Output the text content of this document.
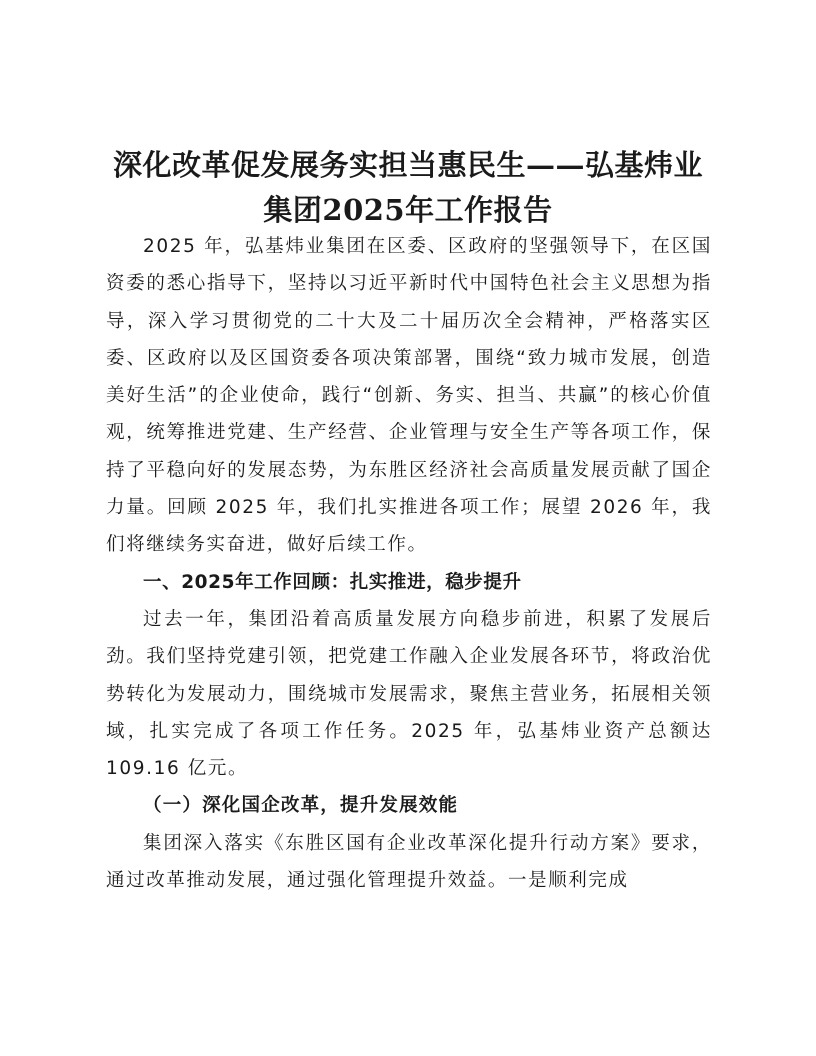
深化改革促发展务实担当惠民生——弘基炜业
集团2025年工作报告

2025 年，弘基炜业集团在区委、区政府的坚强领导下，在区国资委的悉心指导下，坚持以习近平新时代中国特色社会主义思想为指导，深入学习贯彻党的二十大及二十届历次全会精神，严格落实区委、区政府以及区国资委各项决策部署，围绕“致力城市发展，创造美好生活”的企业使命，践行“创新、务实、担当、共赢”的核心价值观，统筹推进党建、生产经营、企业管理与安全生产等各项工作，保持了平稳向好的发展态势，为东胜区经济社会高质量发展贡献了国企力量。回顾 2025 年，我们扎实推进各项工作；展望 2026 年，我们将继续务实奋进，做好后续工作。

一、2025年工作回顾：扎实推进，稳步提升

过去一年，集团沿着高质量发展方向稳步前进，积累了发展后劲。我们坚持党建引领，把党建工作融入企业发展各环节，将政治优势转化为发展动力，围绕城市发展需求，聚焦主营业务，拓展相关领域，扎实完成了各项工作任务。2025 年，弘基炜业资产总额达 109.16 亿元。

（一）深化国企改革，提升发展效能

集团深入落实《东胜区国有企业改革深化提升行动方案》要求，通过改革推动发展，通过强化管理提升效益。一是顺利完成
